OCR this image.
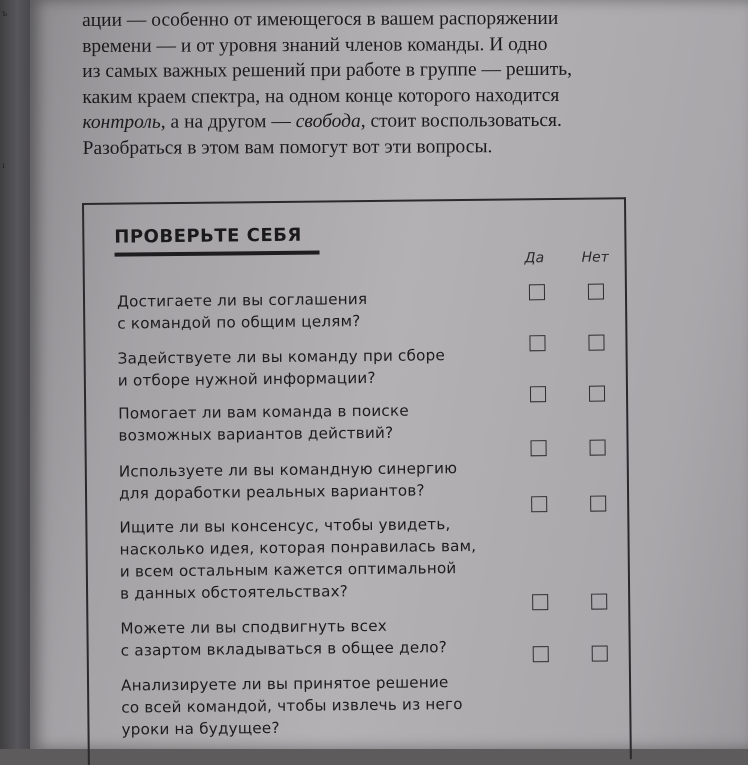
ъ
ı
ации — особенно от имеющегося в вашем распоряжении
времени — и от уровня знаний членов команды. И одно
из самых важных решений при работе в группе — решить,
каким краем спектра, на одном конце которого находится
контроль, а на другом — свобода, стоит воспользоваться.
Разобраться в этом вам помогут вот эти вопросы.
ПРОВЕРЬТЕ СЕБЯ
Да	Нет
Достигаете ли вы соглашения
с командой по общим целям?
Задействуете ли вы команду при сборе
и отборе нужной информации?
Помогает ли вам команда в поиске
возможных вариантов действий?
Используете ли вы командную синергию
для доработки реальных вариантов?
Ищите ли вы консенсус, чтобы увидеть,
насколько идея, которая понравилась вам,
и всем остальным кажется оптимальной
в данных обстоятельствах?
Можете ли вы сподвигнуть всех
с азартом вкладываться в общее дело?
Анализируете ли вы принятое решение
со всей командой, чтобы извлечь из него
уроки на будущее?
